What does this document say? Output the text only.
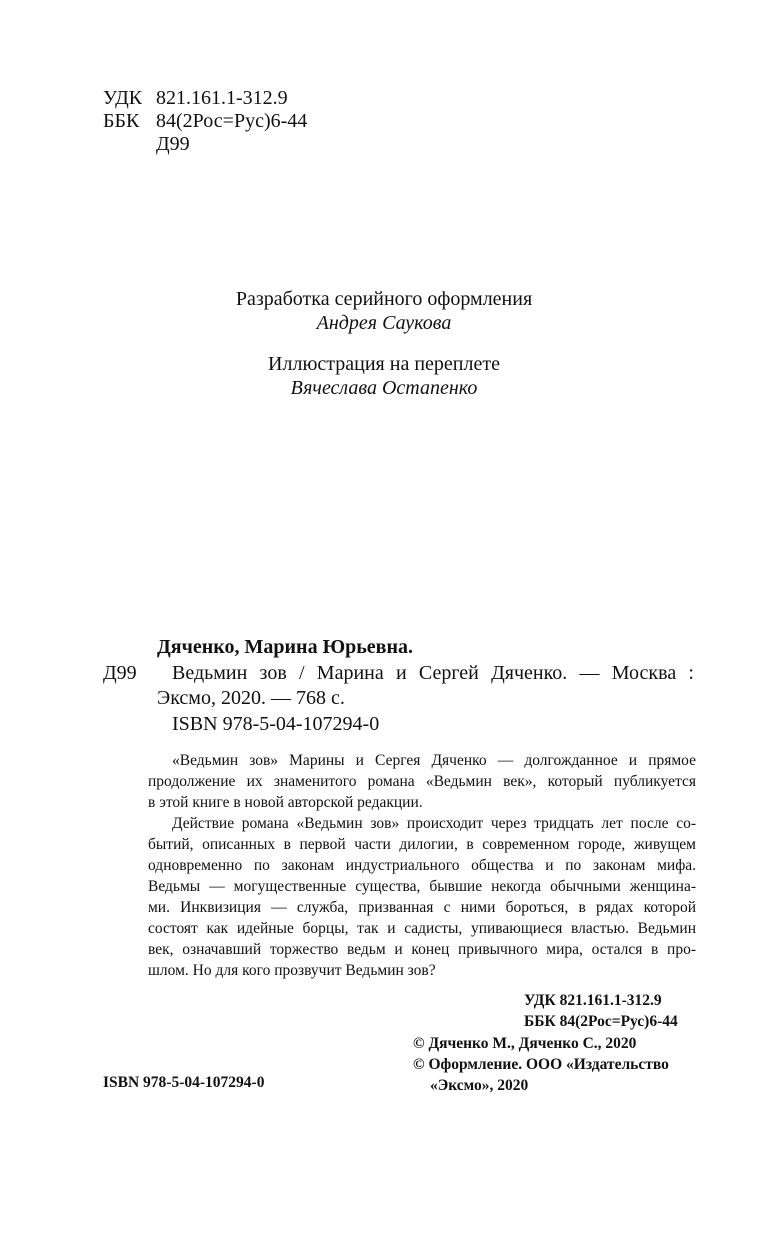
УДК 821.161.1-312.9
ББК 84(2Рос=Рус)6-44
Д99
Разработка серийного оформления
Андрея Саукова
Иллюстрация на переплете
Вячеслава Остапенко
Дяченко, Марина Юрьевна.
Д99 Ведьмин зов / Марина и Сергей Дяченко. — Москва :
Эксмо, 2020. — 768 с.
ISBN 978-5-04-107294-0
«Ведьмин зов» Марины и Сергея Дяченко — долгожданное и прямое
продолжение их знаменитого романа «Ведьмин век», который публикуется
в этой книге в новой авторской редакции.
Действие романа «Ведьмин зов» происходит через тридцать лет после со-
бытий, описанных в первой части дилогии, в современном городе, живущем
одновременно по законам индустриального общества и по законам мифа.
Ведьмы — могущественные существа, бывшие некогда обычными женщина-
ми. Инквизиция — служба, призванная с ними бороться, в рядах которой
состоят как идейные борцы, так и садисты, упивающиеся властью. Ведьмин
век, означавший торжество ведьм и конец привычного мира, остался в про-
шлом. Но для кого прозвучит Ведьмин зов?
УДК 821.161.1-312.9
ББК 84(2Рос=Рус)6-44
© Дяченко М., Дяченко С., 2020
© Оформление. ООО «Издательство
«Эксмо», 2020
ISBN 978-5-04-107294-0
